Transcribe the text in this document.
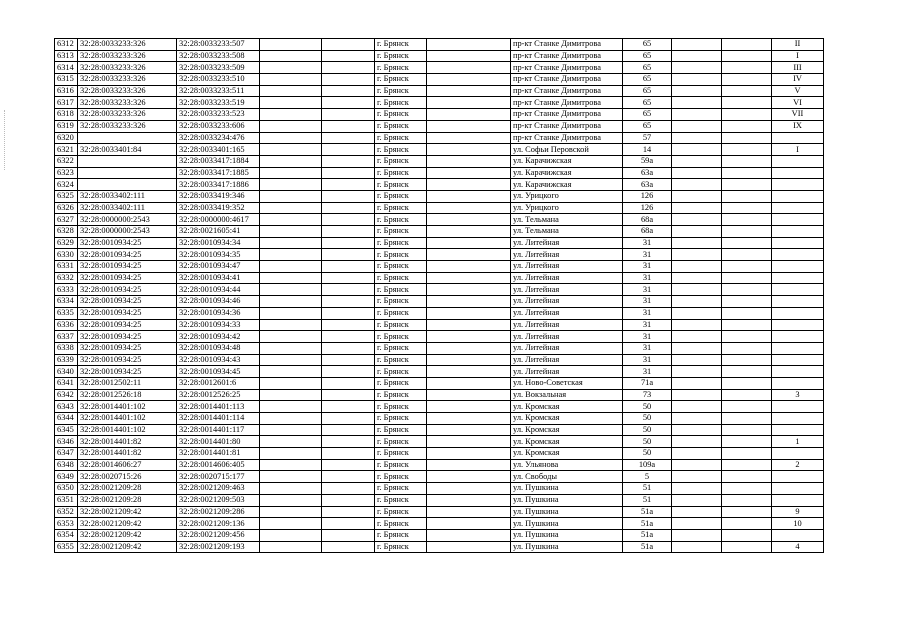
6312	32:28:0033233:326	32:28:0033233:507			г. Брянск		пр-кт Станке Димитрова	65			II
6313	32:28:0033233:326	32:28:0033233:508			г. Брянск		пр-кт Станке Димитрова	65			I
6314	32:28:0033233:326	32:28:0033233:509			г. Брянск		пр-кт Станке Димитрова	65			III
6315	32:28:0033233:326	32:28:0033233:510			г. Брянск		пр-кт Станке Димитрова	65			IV
6316	32:28:0033233:326	32:28:0033233:511			г. Брянск		пр-кт Станке Димитрова	65			V
6317	32:28:0033233:326	32:28:0033233:519			г. Брянск		пр-кт Станке Димитрова	65			VI
6318	32:28:0033233:326	32:28:0033233:523			г. Брянск		пр-кт Станке Димитрова	65			VII
6319	32:28:0033233:326	32:28:0033233:606			г. Брянск		пр-кт Станке Димитрова	65			IX
6320		32:28:0033234:476			г. Брянск		пр-кт Станке Димитрова	57			
6321	32:28:0033401:84	32:28:0033401:165			г. Брянск		ул. Софьи Перовской	14			I
6322		32:28:0033417:1884			г. Брянск		ул. Карачижская	59а			
6323		32:28:0033417:1885			г. Брянск		ул. Карачижская	63а			
6324		32:28:0033417:1886			г. Брянск		ул. Карачижская	63а			
6325	32:28:0033402:111	32:28:0033419:346			г. Брянск		ул. Урицкого	126			
6326	32:28:0033402:111	32:28:0033419:352			г. Брянск		ул. Урицкого	126			
6327	32:28:0000000:2543	32:28:0000000:4617			г. Брянск		ул. Тельмана	68а			
6328	32:28:0000000:2543	32:28:0021605:41			г. Брянск		ул. Тельмана	68а			
6329	32:28:0010934:25	32:28:0010934:34			г. Брянск		ул. Литейная	31			
6330	32:28:0010934:25	32:28:0010934:35			г. Брянск		ул. Литейная	31			
6331	32:28:0010934:25	32:28:0010934:47			г. Брянск		ул. Литейная	31			
6332	32:28:0010934:25	32:28:0010934:41			г. Брянск		ул. Литейная	31			
6333	32:28:0010934:25	32:28:0010934:44			г. Брянск		ул. Литейная	31			
6334	32:28:0010934:25	32:28:0010934:46			г. Брянск		ул. Литейная	31			
6335	32:28:0010934:25	32:28:0010934:36			г. Брянск		ул. Литейная	31			
6336	32:28:0010934:25	32:28:0010934:33			г. Брянск		ул. Литейная	31			
6337	32:28:0010934:25	32:28:0010934:42			г. Брянск		ул. Литейная	31			
6338	32:28:0010934:25	32:28:0010934:48			г. Брянск		ул. Литейная	31			
6339	32:28:0010934:25	32:28:0010934:43			г. Брянск		ул. Литейная	31			
6340	32:28:0010934:25	32:28:0010934:45			г. Брянск		ул. Литейная	31			
6341	32:28:0012502:11	32:28:0012601:6			г. Брянск		ул. Ново-Советская	71а			
6342	32:28:0012526:18	32:28:0012526:25			г. Брянск		ул. Вокзальная	73			3
6343	32:28:0014401:102	32:28:0014401:113			г. Брянск		ул. Кромская	50			
6344	32:28:0014401:102	32:28:0014401:114			г. Брянск		ул. Кромская	50			
6345	32:28:0014401:102	32:28:0014401:117			г. Брянск		ул. Кромская	50			
6346	32:28:0014401:82	32:28:0014401:80			г. Брянск		ул. Кромская	50			1
6347	32:28:0014401:82	32:28:0014401:81			г. Брянск		ул. Кромская	50			
6348	32:28:0014606:27	32:28:0014606:405			г. Брянск		ул. Ульянова	109а			2
6349	32:28:0020715:26	32:28:0020715:177			г. Брянск		ул. Свободы	5			
6350	32:28:0021209:28	32:28:0021209:463			г. Брянск		ул. Пушкина	51			
6351	32:28:0021209:28	32:28:0021209:503			г. Брянск		ул. Пушкина	51			
6352	32:28:0021209:42	32:28:0021209:286			г. Брянск		ул. Пушкина	51а			9
6353	32:28:0021209:42	32:28:0021209:136			г. Брянск		ул. Пушкина	51а			10
6354	32:28:0021209:42	32:28:0021209:456			г. Брянск		ул. Пушкина	51а			
6355	32:28:0021209:42	32:28:0021209:193			г. Брянск		ул. Пушкина	51а			4
